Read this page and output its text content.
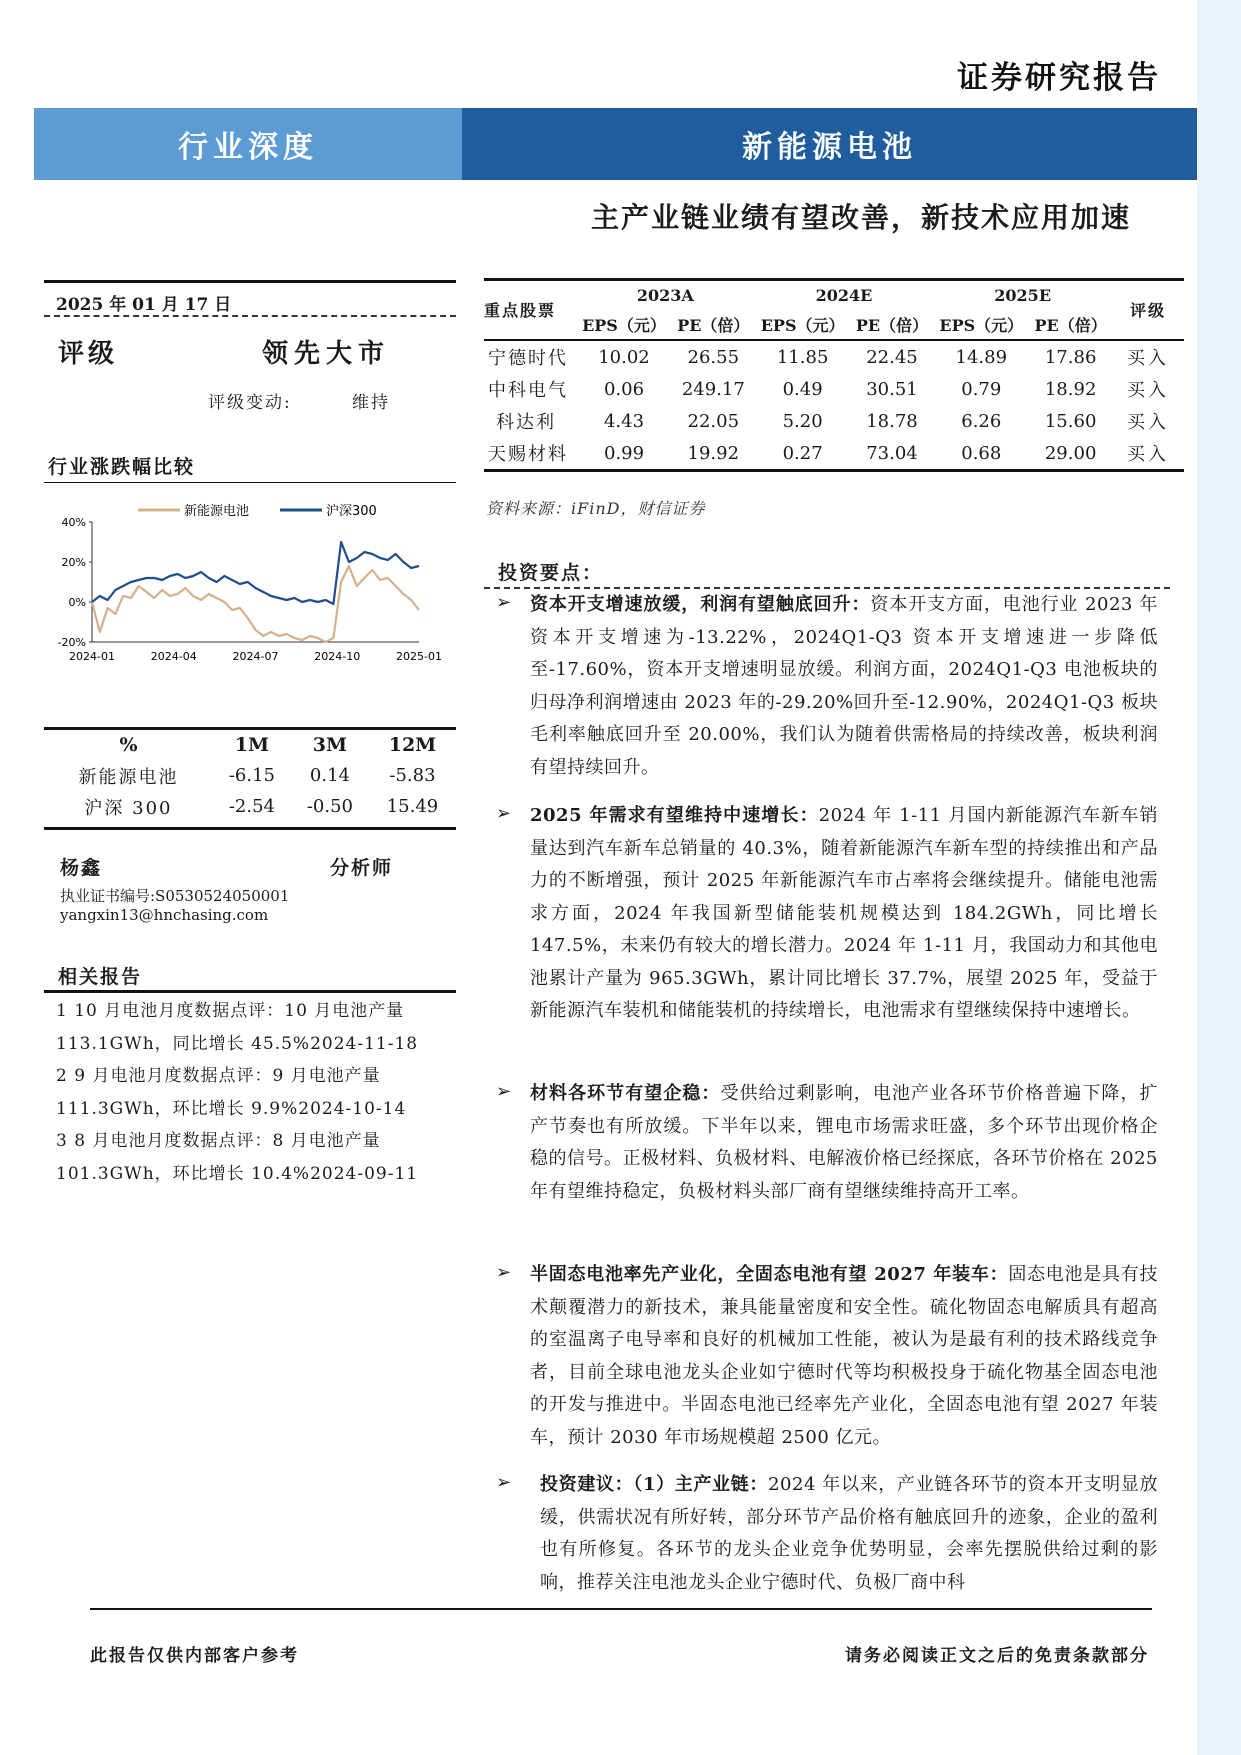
证券研究报告
行业深度	新能源电池
主产业链业绩有望改善，新技术应用加速
2025 年 01 月 17 日
评级	领先大市
评级变动:	维持
行业涨跌幅比较
新能源电池	沪深300
40%
20%
0%
-20%
2024-01	2024-04	2024-07	2024-10	2025-01
%	1M	3M	12M
新能源电池	-6.15	0.14	-5.83
沪深 300	-2.54	-0.50	15.49
杨鑫	分析师
执业证书编号:S0530524050001
yangxin13@hnchasing.com
相关报告
1 10 月电池月度数据点评：10 月电池产量 113.1GWh，同比增长 45.5%2024-11-18
2 9 月电池月度数据点评：9 月电池产量 111.3GWh，环比增长 9.9%2024-10-14
3 8 月电池月度数据点评：8 月电池产量 101.3GWh，环比增长 10.4%2024-09-11
重点股票	2023A		2024E		2025E		评级
	EPS（元）	PE（倍）	EPS（元）	PE（倍）	EPS（元）	PE（倍）	
宁德时代	10.02	26.55	11.85	22.45	14.89	17.86	买入
中科电气	0.06	249.17	0.49	30.51	0.79	18.92	买入
科达利	4.43	22.05	5.20	18.78	6.26	15.60	买入
天赐材料	0.99	19.92	0.27	73.04	0.68	29.00	买入
资料来源：iFinD，财信证券
投资要点：
➢ 资本开支增速放缓，利润有望触底回升：资本开支方面，电池行业 2023 年资本开支增速为-13.22%，2024Q1-Q3 资本开支增速进一步降低至-17.60%，资本开支增速明显放缓。利润方面，2024Q1-Q3 电池板块的归母净利润增速由 2023 年的-29.20%回升至-12.90%，2024Q1-Q3 板块毛利率触底回升至 20.00%，我们认为随着供需格局的持续改善，板块利润有望持续回升。
➢ 2025 年需求有望维持中速增长：2024 年 1-11 月国内新能源汽车新车销量达到汽车新车总销量的 40.3%，随着新能源汽车新车型的持续推出和产品力的不断增强，预计 2025 年新能源汽车市占率将会继续提升。储能电池需求方面，2024 年我国新型储能装机规模达到 184.2GWh，同比增长 147.5%，未来仍有较大的增长潜力。2024 年 1-11 月，我国动力和其他电池累计产量为 965.3GWh，累计同比增长 37.7%，展望 2025 年，受益于新能源汽车装机和储能装机的持续增长，电池需求有望继续保持中速增长。
➢ 材料各环节有望企稳：受供给过剩影响，电池产业各环节价格普遍下降，扩产节奏也有所放缓。下半年以来，锂电市场需求旺盛，多个环节出现价格企稳的信号。正极材料、负极材料、电解液价格已经探底，各环节价格在 2025 年有望维持稳定，负极材料头部厂商有望继续维持高开工率。
➢ 半固态电池率先产业化，全固态电池有望 2027 年装车：固态电池是具有技术颠覆潜力的新技术，兼具能量密度和安全性。硫化物固态电解质具有超高的室温离子电导率和良好的机械加工性能，被认为是最有利的技术路线竞争者，目前全球电池龙头企业如宁德时代等均积极投身于硫化物基全固态电池的开发与推进中。半固态电池已经率先产业化，全固态电池有望 2027 年装车，预计 2030 年市场规模超 2500 亿元。
➢ 投资建议：（1）主产业链：2024 年以来，产业链各环节的资本开支明显放缓，供需状况有所好转，部分环节产品价格有触底回升的迹象，企业的盈利也有所修复。各环节的龙头企业竞争优势明显，会率先摆脱供给过剩的影响，推荐关注电池龙头企业宁德时代、负极厂商中科
此报告仅供内部客户参考	请务必阅读正文之后的免责条款部分
